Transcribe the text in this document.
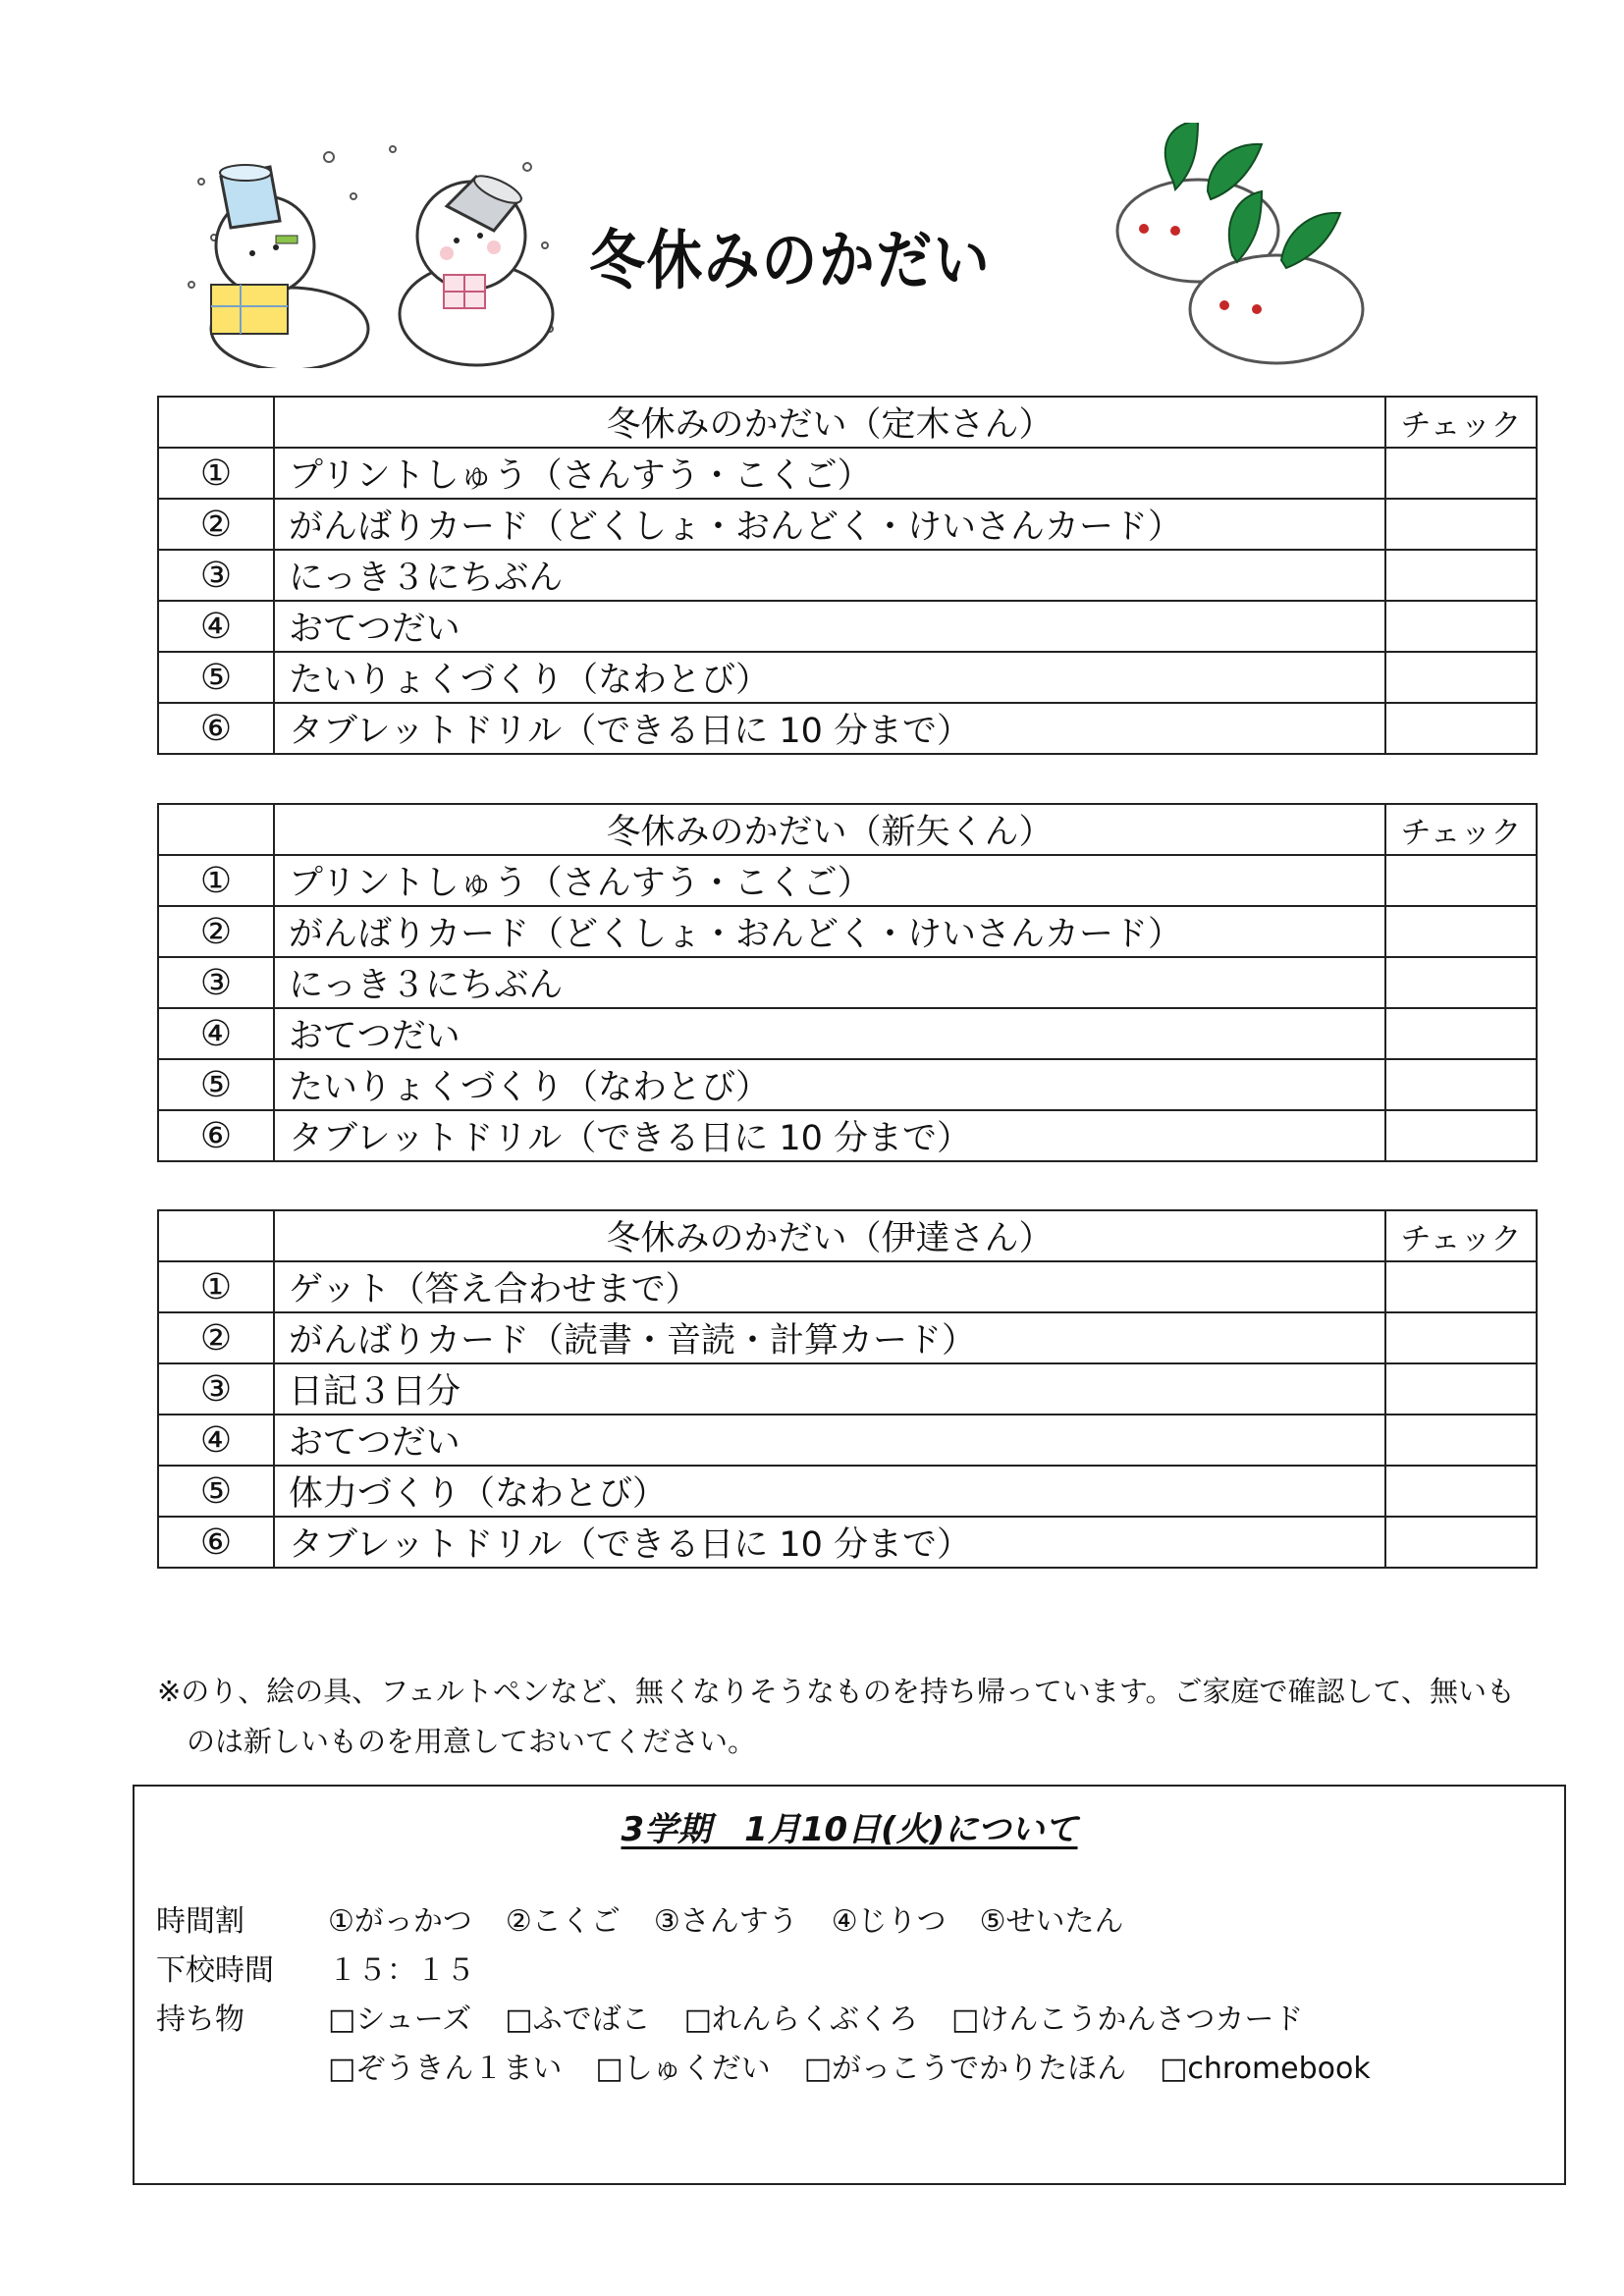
冬休みのかだい
	冬休みのかだい（定木さん）	チェック
①	プリントしゅう（さんすう・こくご）	
②	がんばりカード（どくしょ・おんどく・けいさんカード）	
③	にっき３にちぶん	
④	おてつだい	
⑤	たいりょくづくり（なわとび）	
⑥	タブレットドリル（できる日に 10 分まで）	
	冬休みのかだい（新矢くん）	チェック
①	プリントしゅう（さんすう・こくご）	
②	がんばりカード（どくしょ・おんどく・けいさんカード）	
③	にっき３にちぶん	
④	おてつだい	
⑤	たいりょくづくり（なわとび）	
⑥	タブレットドリル（できる日に 10 分まで）	
	冬休みのかだい（伊達さん）	チェック
①	ゲット（答え合わせまで）	
②	がんばりカード（読書・音読・計算カード）	
③	日記３日分	
④	おてつだい	
⑤	体力づくり（なわとび）	
⑥	タブレットドリル（できる日に 10 分まで）	

※のり、絵の具、フェルトペンなど、無くなりそうなものを持ち帰っています。ご家庭で確認して、無いも
のは新しいものを用意しておいてください。

3学期　1月10日(火)について
時間割	①がっかつ ②こくご ③さんすう ④じりつ ⑤せいたん
下校時間 １５：１５
持ち物	□シューズ □ふでばこ □れんらくぶくろ □けんこうかんさつカード
□ぞうきん１まい □しゅくだい □がっこうでかりたほん □chromebook
